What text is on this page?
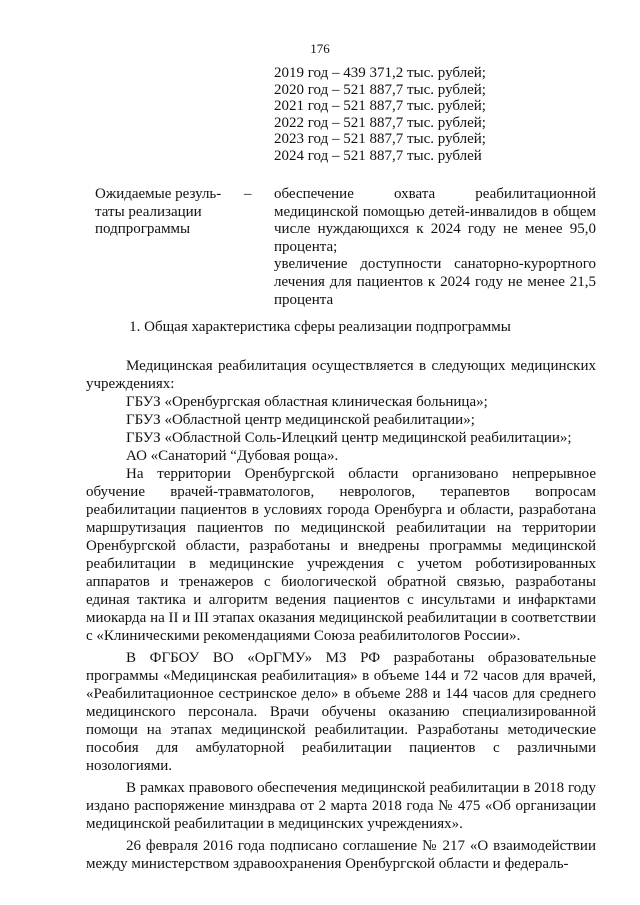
176
2019 год – 439 371,2 тыс. рублей;
2020 год – 521 887,7 тыс. рублей;
2021 год – 521 887,7 тыс. рублей;
2022 год – 521 887,7 тыс. рублей;
2023 год – 521 887,7 тыс. рублей;
2024 год – 521 887,7 тыс. рублей
Ожидаемые резуль-таты реализации подпрограммы
– обеспечение охвата реабилитационной медицинской помощью детей-инвалидов в общем числе нуждающихся к 2024 году не менее 95,0 процента;

увеличение доступности санаторно-курортного лечения для пациентов к 2024 году не менее 21,5 процента

1. Общая характеристика сферы реализации подпрограммы

Медицинская реабилитация осуществляется в следующих медицинских учреждениях:

ГБУЗ «Оренбургская областная клиническая больница»;

ГБУЗ «Областной центр медицинской реабилитации»;

ГБУЗ «Областной Соль-Илецкий центр медицинской реабилитации»;

АО «Санаторий “Дубовая роща».

На территории Оренбургской области организовано непрерывное обучение врачей-травматологов, неврологов, терапевтов вопросам реабилитации пациентов в условиях города Оренбурга и области, разработана маршрутизация пациентов по медицинской реабилитации на территории Оренбургской области, разработаны и внедрены программы медицинской реабилитации в медицинские учреждения с учетом роботизированных аппаратов и тренажеров с биологической обратной связью, разработаны единая тактика и алгоритм ведения пациентов с инсультами и инфарктами миокарда на II и III этапах оказания медицинской реабилитации в соответствии с «Клиническими рекомендациями Союза реабилитологов России».

В ФГБОУ ВО «ОрГМУ» МЗ РФ разработаны образовательные программы «Медицинская реабилитация» в объеме 144 и 72 часов для врачей, «Реабилитационное сестринское дело» в объеме 288 и 144 часов для среднего медицинского персонала. Врачи обучены оказанию специализированной помощи на этапах медицинской реабилитации. Разработаны методические пособия для амбулаторной реабилитации пациентов с различными нозологиями.

В рамках правового обеспечения медицинской реабилитации в 2018 году издано распоряжение минздрава от 2 марта 2018 года № 475 «Об организации медицинской реабилитации в медицинских учреждениях».

26 февраля 2016 года подписано соглашение № 217 «О взаимодействии между министерством здравоохранения Оренбургской области и федераль-
